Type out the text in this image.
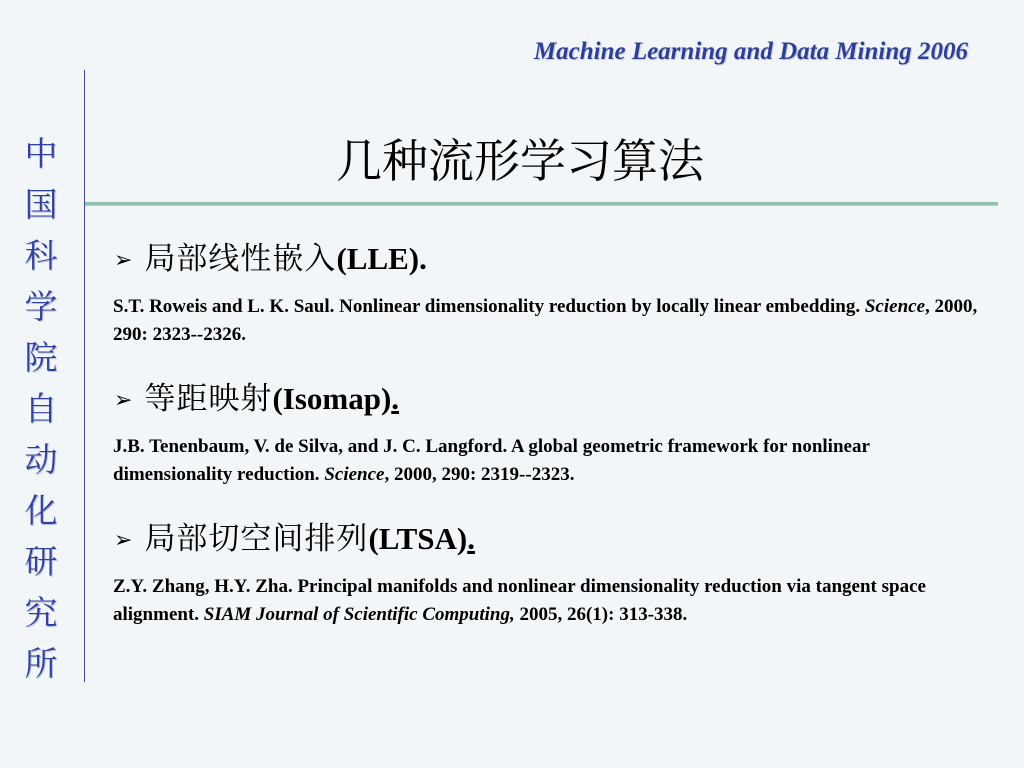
Machine Learning and Data Mining 2006
中
国
科
学
院
自
动
化
研
究
所
几种流形学习算法
➢ 局部线性嵌入 (LLE) .
S.T. Roweis and L. K. Saul. Nonlinear dimensionality reduction by locally linear embedding. Science, 2000, 290: 2323--2326.
➢ 等距映射 (Isomap) .
J.B. Tenenbaum, V. de Silva, and J. C. Langford. A global geometric framework for nonlinear dimensionality reduction. Science, 2000, 290: 2319--2323.
➢ 局部切空间排列 (LTSA) .
Z.Y. Zhang, H.Y. Zha. Principal manifolds and nonlinear dimensionality reduction via tangent space alignment. SIAM Journal of Scientific Computing, 2005, 26(1): 313-338.
